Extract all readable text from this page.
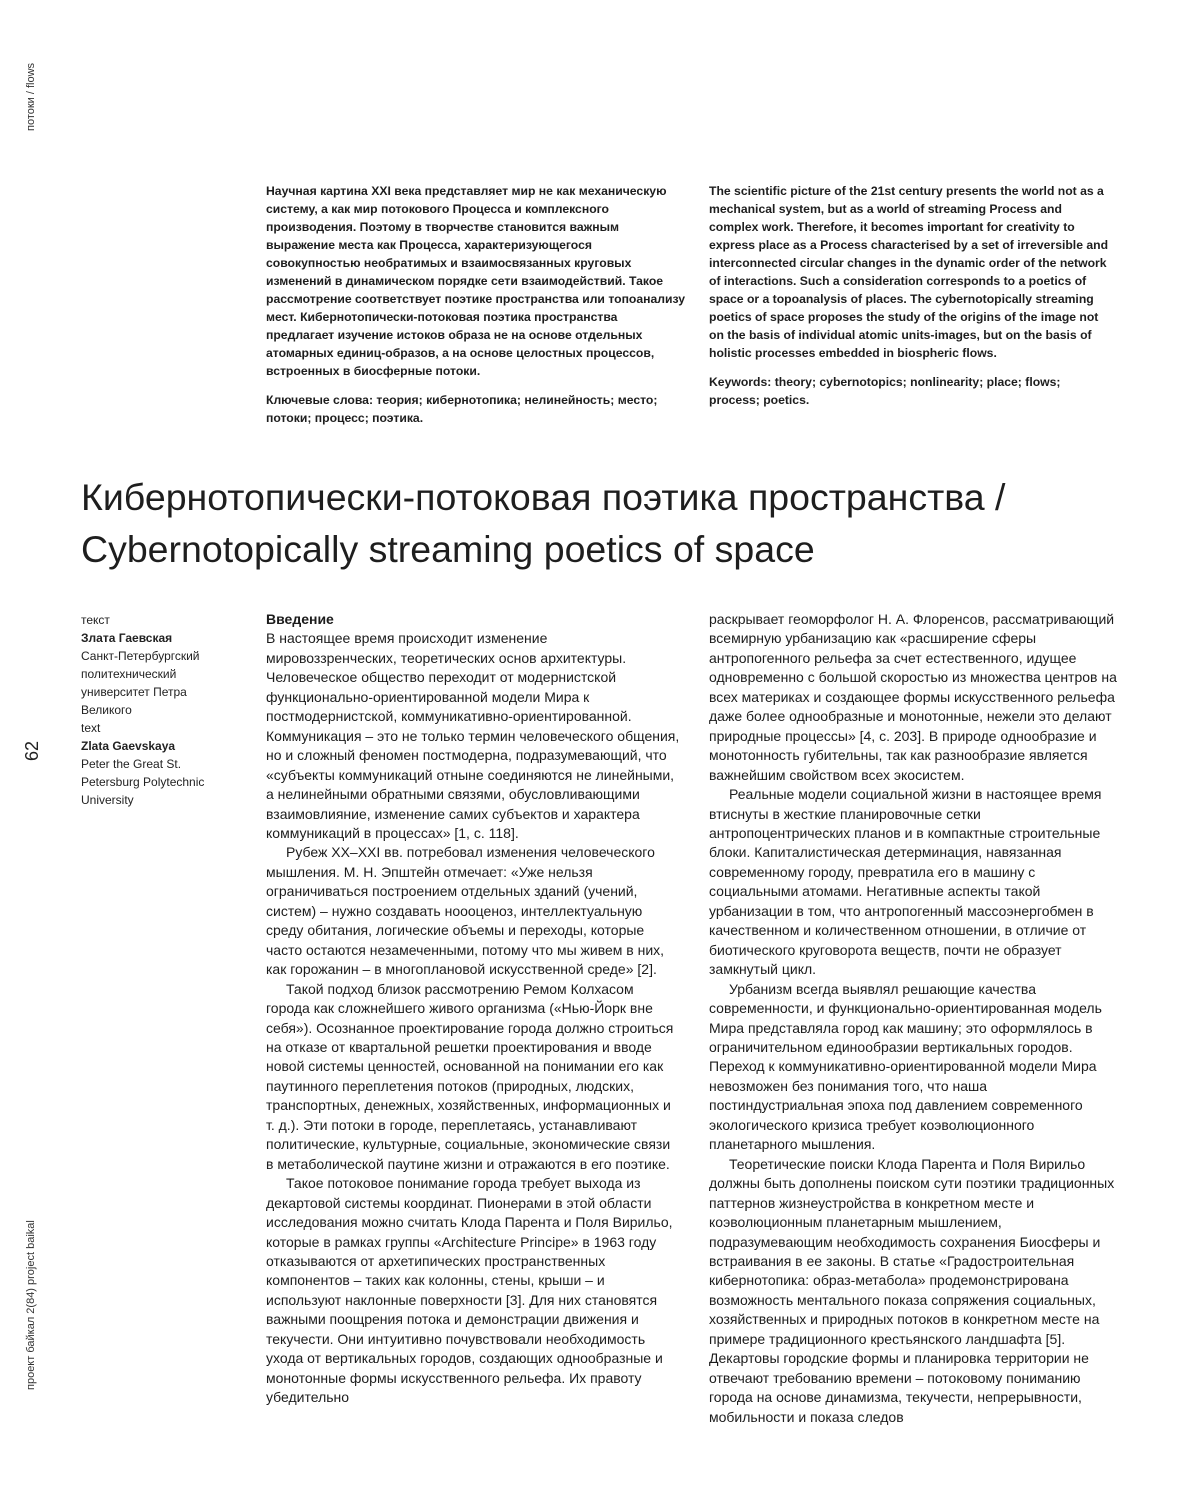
потоки / flows
проект байкал 2(84) project baikal
62

Научная картина XXI века представляет мир не как механическую систему, а как мир потокового Процесса и комплексного производения. Поэтому в творчестве становится важным выражение места как Процесса, характеризующегося совокупностью необратимых и взаимосвязанных круговых изменений в динамическом порядке сети взаимодействий. Такое рассмотрение соответствует поэтике пространства или топоанализу мест. Кибернотопически-потоковая поэтика пространства предлагает изучение истоков образа не на основе отдельных атомарных единиц-образов, а на основе целостных процессов, встроенных в биосферные потоки.

Ключевые слова: теория; кибернотопика; нелинейность; место; потоки; процесс; поэтика.

The scientific picture of the 21st century presents the world not as a mechanical system, but as a world of streaming Process and complex work. Therefore, it becomes important for creativity to express place as a Process characterised by a set of irreversible and interconnected circular changes in the dynamic order of the network of interactions. Such a consideration corresponds to a poetics of space or a topoanalysis of places. The cybernotopically streaming poetics of space proposes the study of the origins of the image not on the basis of individual atomic units-images, but on the basis of holistic processes embedded in biospheric flows.

Keywords: theory; cybernotopics; nonlinearity; place; flows; process; poetics.

Кибернотопически-потоковая поэтика пространства /
Cybernotopically streaming poetics of space
текст
Злата Гаевская
Санкт-Петербургский политехнический университет Петра Великого
text
Zlata Gaevskaya
Peter the Great St. Petersburg Polytechnic University
Введение

В настоящее время происходит изменение мировоззренческих, теоретических основ архитектуры. Человеческое общество переходит от модернистской функционально-ориентированной модели Мира к постмодернистской, коммуникативно-ориентированной. Коммуникация – это не только термин человеческого общения, но и сложный феномен постмодерна, подразумевающий, что «субъекты коммуникаций отныне соединяются не линейными, а нелинейными обратными связями, обусловливающими взаимовлияние, изменение самих субъектов и характера коммуникаций в процессах» [1, с. 118].

Рубеж XX–XXI вв. потребовал изменения человеческого мышления. М. Н. Эпштейн отмечает: «Уже нельзя ограничиваться построением отдельных зданий (учений, систем) – нужно создавать ноооценоз, интеллектуальную среду обитания, логические объемы и переходы, которые часто остаются незамеченными, потому что мы живем в них, как горожанин – в многоплановой искусственной среде» [2].

Такой подход близок рассмотрению Ремом Колхасом города как сложнейшего живого организма («Нью-Йорк вне себя»). Осознанное проектирование города должно строиться на отказе от квартальной решетки проектирования и вводе новой системы ценностей, основанной на понимании его как паутинного переплетения потоков (природных, людских, транспортных, денежных, хозяйственных, информационных и т. д.). Эти потоки в городе, переплетаясь, устанавливают политические, культурные, социальные, экономические связи в метаболической паутине жизни и отражаются в его поэтике.

Такое потоковое понимание города требует выхода из декартовой системы координат. Пионерами в этой области исследования можно считать Клода Парента и Поля Вирильо, которые в рамках группы «Architecture Principe» в 1963 году отказываются от архетипических пространственных компонентов – таких как колонны, стены, крыши – и используют наклонные поверхности [3]. Для них становятся важными поощрения потока и демонстрации движения и текучести. Они интуитивно почувствовали необходимость ухода от вертикальных городов, создающих однообразные и монотонные формы искусственного рельефа. Их правоту убедительно

раскрывает геоморфолог Н. А. Флоренсов, рассматривающий всемирную урбанизацию как «расширение сферы антропогенного рельефа за счет естественного, идущее одновременно с большой скоростью из множества центров на всех материках и создающее формы искусственного рельефа даже более однообразные и монотонные, нежели это делают природные процессы» [4, с. 203]. В природе однообразие и монотонность губительны, так как разнообразие является важнейшим свойством всех экосистем.

Реальные модели социальной жизни в настоящее время втиснуты в жесткие планировочные сетки антропоцентрических планов и в компактные строительные блоки. Капиталистическая детерминация, навязанная современному городу, превратила его в машину с социальными атомами. Негативные аспекты такой урбанизации в том, что антропогенный массоэнергобмен в качественном и количественном отношении, в отличие от биотического круговорота веществ, почти не образует замкнутый цикл.

Урбанизм всегда выявлял решающие качества современности, и функционально-ориентированная модель Мира представляла город как машину; это оформлялось в ограничительном единообразии вертикальных городов. Переход к коммуникативно-ориентированной модели Мира невозможен без понимания того, что наша постиндустриальная эпоха под давлением современного экологического кризиса требует коэволюционного планетарного мышления.

Теоретические поиски Клода Парента и Поля Вирильо должны быть дополнены поиском сути поэтики традиционных паттернов жизнеустройства в конкретном месте и коэволюционным планетарным мышлением, подразумевающим необходимость сохранения Биосферы и встраивания в ее законы. В статье «Градостроительная кибернотопика: образ-метабола» продемонстрирована возможность ментального показа сопряжения социальных, хозяйственных и природных потоков в конкретном месте на примере традиционного крестьянского ландшафта [5]. Декартовы городские формы и планировка территории не отвечают требованию времени – потоковому пониманию города на основе динамизма, текучести, непрерывности, мобильности и показа следов
